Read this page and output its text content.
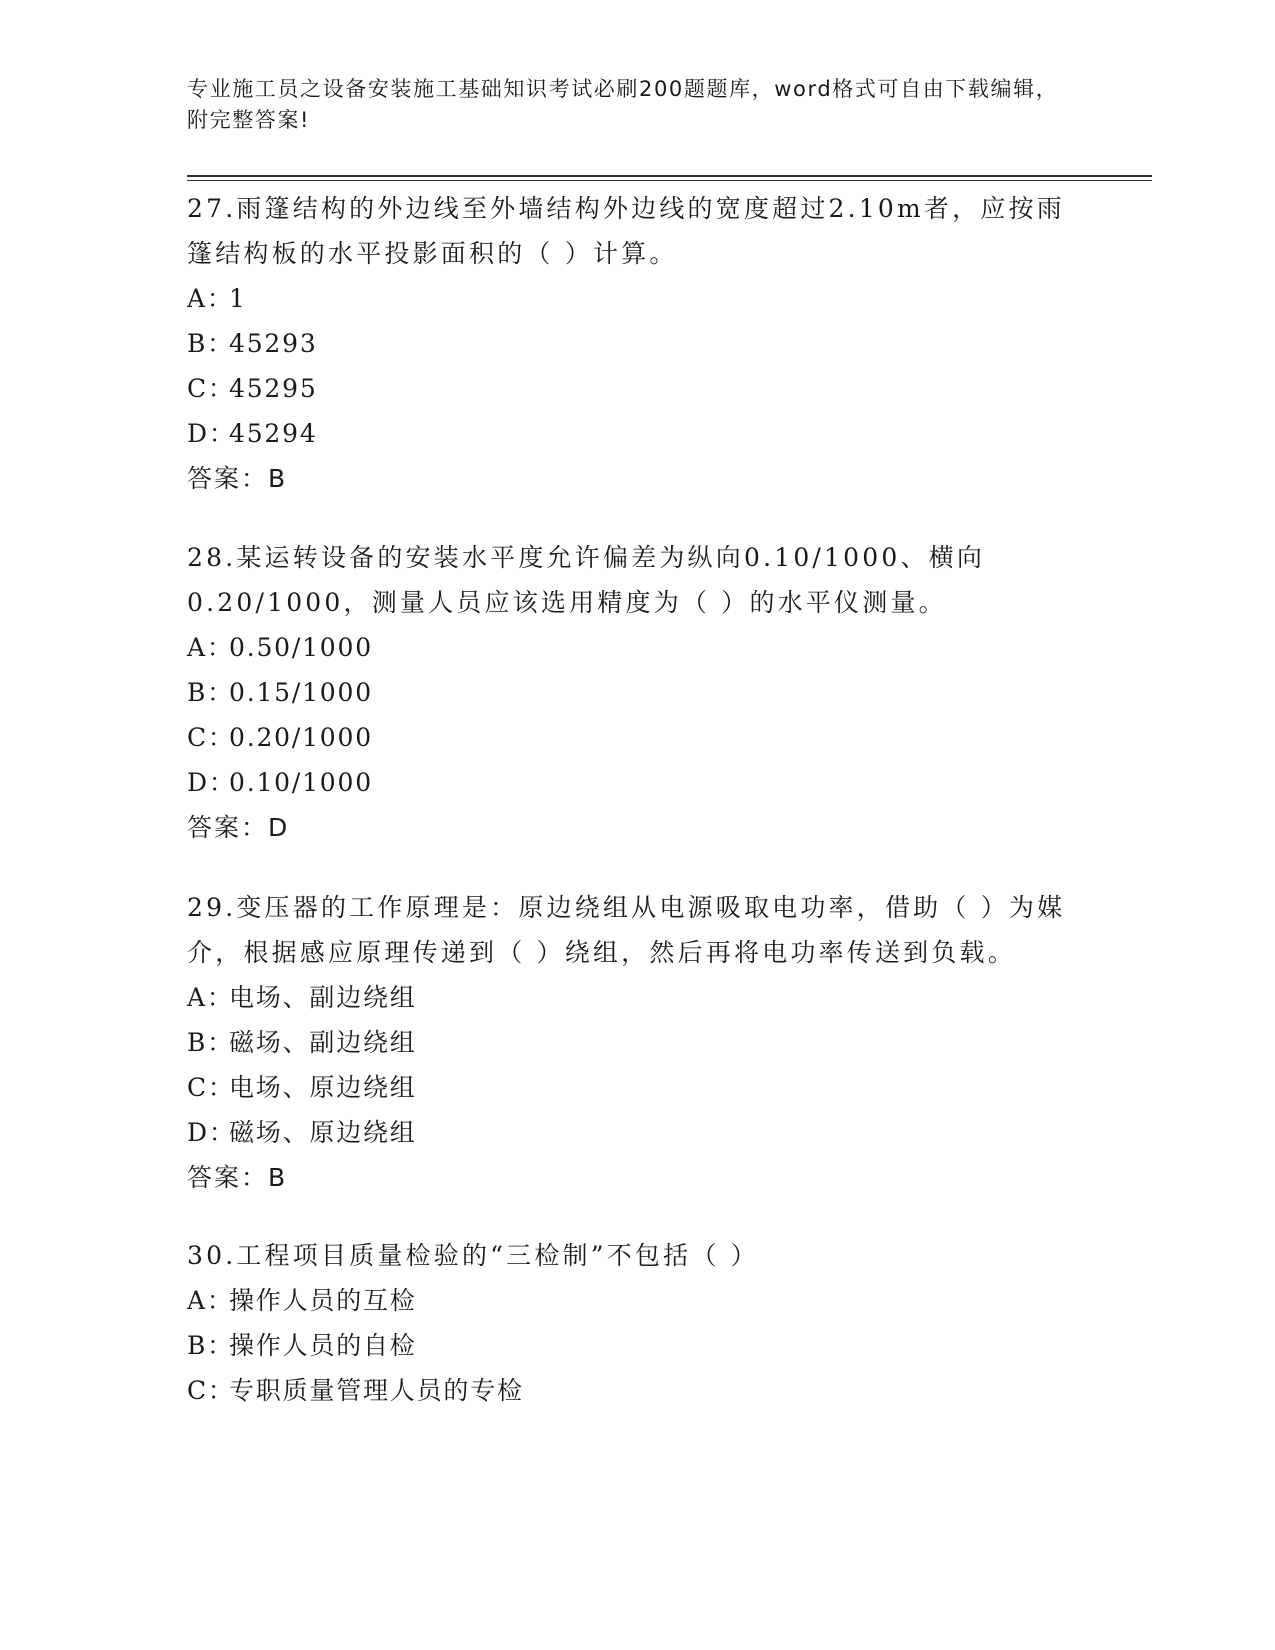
专业施工员之设备安装施工基础知识考试必刷200题题库，word格式可自由下载编辑，附完整答案!

27.雨篷结构的外边线至外墙结构外边线的宽度超过2.10m者，应按雨篷结构板的水平投影面积的（ ）计算。

A：1

B：45293

C：45295

D：45294

答案：B

28.某运转设备的安装水平度允许偏差为纵向0.10/1000、横向0.20/1000，测量人员应该选用精度为（ ）的水平仪测量。

A：0.50/1000

B：0.15/1000

C：0.20/1000

D：0.10/1000

答案：D

29.变压器的工作原理是：原边绕组从电源吸取电功率，借助（ ）为媒介，根据感应原理传递到（ ）绕组，然后再将电功率传送到负载。

A：电场、副边绕组

B：磁场、副边绕组

C：电场、原边绕组

D：磁场、原边绕组

答案：B

30.工程项目质量检验的“三检制”不包括（ ）

A：操作人员的互检

B：操作人员的自检

C：专职质量管理人员的专检
